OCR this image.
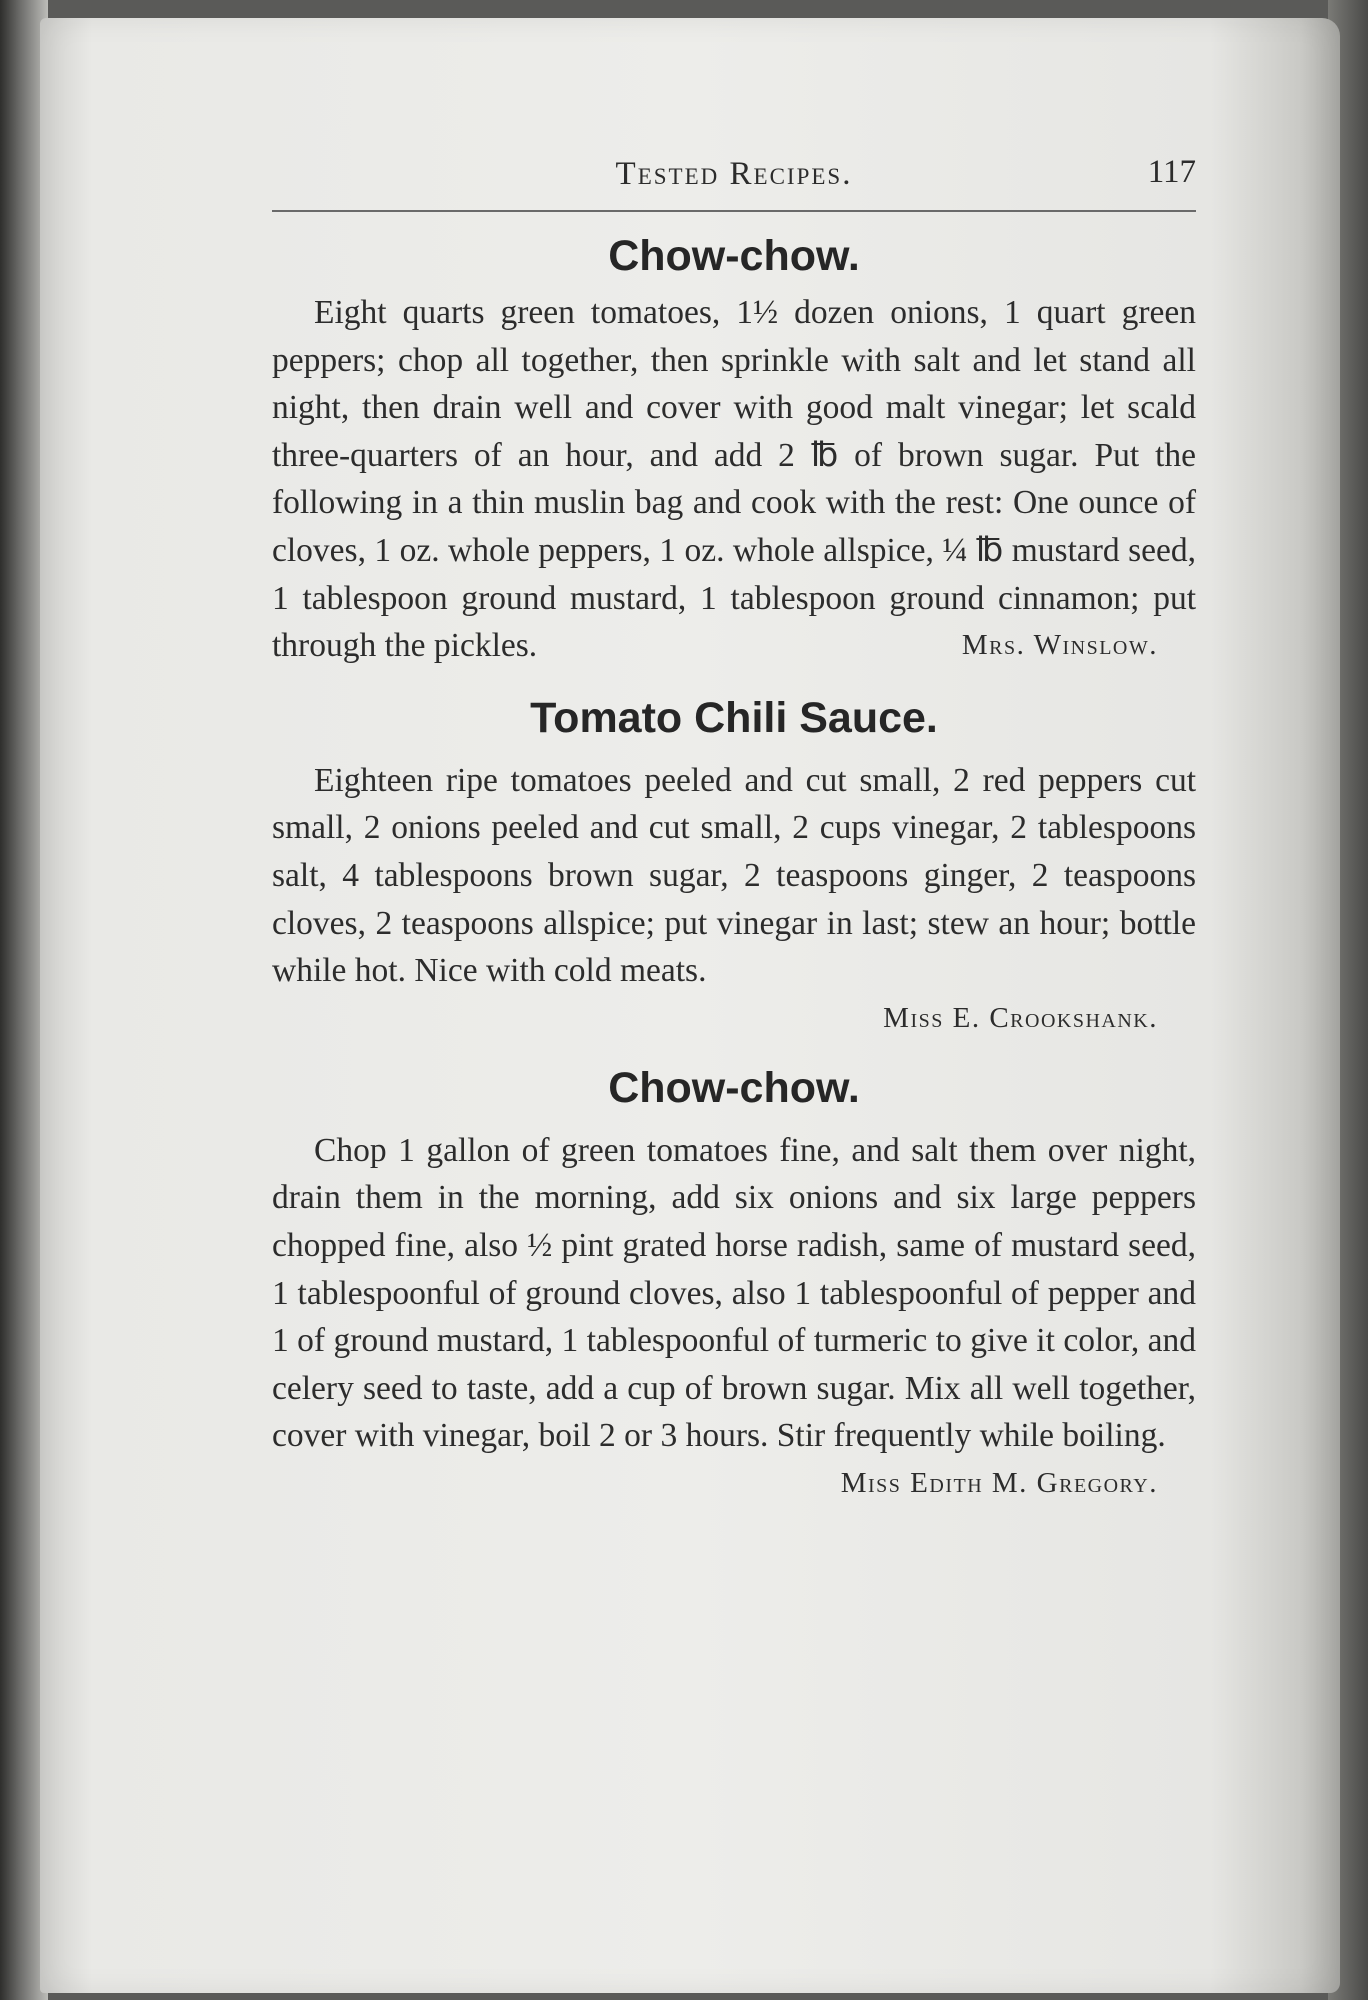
Tested Recipes.	117
Chow-chow.

Eight quarts green tomatoes, 1½ dozen onions, 1 quart green peppers; chop all together, then sprinkle with salt and let stand all night, then drain well and cover with good malt vinegar; let scald three-quarters of an hour, and add 2 ℔ of brown sugar. Put the following in a thin muslin bag and cook with the rest: One ounce of cloves, 1 oz. whole peppers, 1 oz. whole allspice, ¼ ℔ mustard seed, 1 tablespoon ground mustard, 1 tablespoon ground cinnamon; put through the pickles.	Mrs. Winslow.

Tomato Chili Sauce.

Eighteen ripe tomatoes peeled and cut small, 2 red peppers cut small, 2 onions peeled and cut small, 2 cups vinegar, 2 tablespoons salt, 4 tablespoons brown sugar, 2 teaspoons ginger, 2 teaspoons cloves, 2 teaspoons allspice; put vinegar in last; stew an hour; bottle while hot. Nice with cold meats.

Miss E. Crookshank.

Chow-chow.

Chop 1 gallon of green tomatoes fine, and salt them over night, drain them in the morning, add six onions and six large peppers chopped fine, also ½ pint grated horse radish, same of mustard seed, 1 tablespoonful of ground cloves, also 1 tablespoonful of pepper and 1 of ground mustard, 1 tablespoonful of turmeric to give it color, and celery seed to taste, add a cup of brown sugar. Mix all well together, cover with vinegar, boil 2 or 3 hours. Stir frequently while boiling.

Miss Edith M. Gregory.
